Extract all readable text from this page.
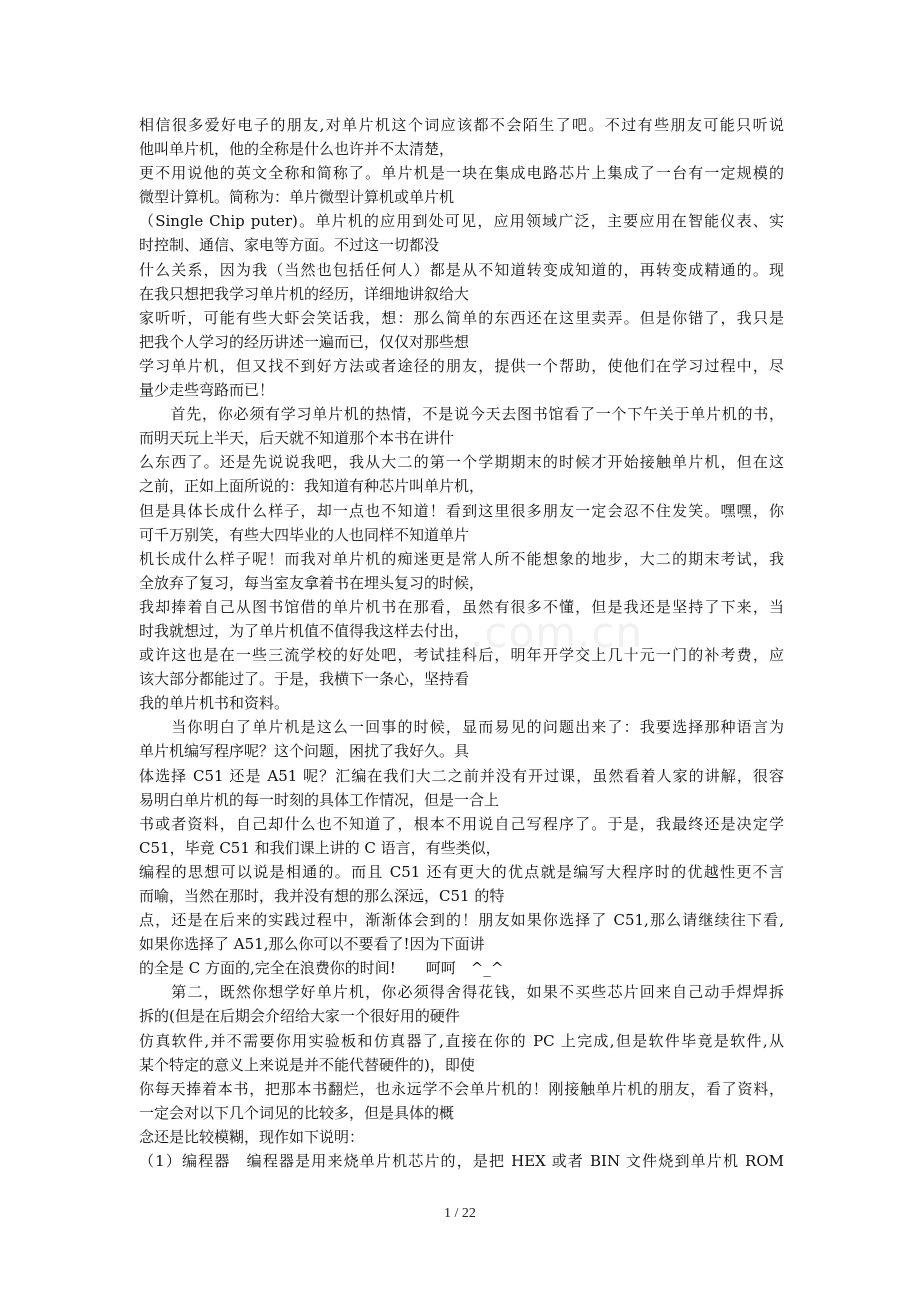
.com.cn
相信很多爱好电子的朋友,对单片机这个词应该都不会陌生了吧。不过有些朋友可能只听说
他叫单片机，他的全称是什么也许并不太清楚，
更不用说他的英文全称和简称了。单片机是一块在集成电路芯片上集成了一台有一定规模的
微型计算机。简称为：单片微型计算机或单片机
（Single Chip puter)。单片机的应用到处可见，应用领域广泛，主要应用在智能仪表、实
时控制、通信、家电等方面。不过这一切都没
什么关系，因为我（当然也包括任何人）都是从不知道转变成知道的，再转变成精通的。现
在我只想把我学习单片机的经历，详细地讲叙给大
家听听，可能有些大虾会笑话我，想：那么简单的东西还在这里卖弄。但是你错了，我只是
把我个人学习的经历讲述一遍而已，仅仅对那些想
学习单片机，但又找不到好方法或者途径的朋友，提供一个帮助，使他们在学习过程中，尽
量少走些弯路而已！
　　首先，你必须有学习单片机的热情，不是说今天去图书馆看了一个下午关于单片机的书，
而明天玩上半天，后天就不知道那个本书在讲什
么东西了。还是先说说我吧，我从大二的第一个学期期末的时候才开始接触单片机，但在这
之前，正如上面所说的：我知道有种芯片叫单片机，
但是具体长成什么样子，却一点也不知道！看到这里很多朋友一定会忍不住发笑。嘿嘿，你
可千万别笑，有些大四毕业的人也同样不知道单片
机长成什么样子呢！而我对单片机的痴迷更是常人所不能想象的地步，大二的期末考试，我
全放弃了复习，每当室友拿着书在埋头复习的时候，
我却捧着自己从图书馆借的单片机书在那看，虽然有很多不懂，但是我还是坚持了下来，当
时我就想过，为了单片机值不值得我这样去付出，
或许这也是在一些三流学校的好处吧，考试挂科后，明年开学交上几十元一门的补考费，应
该大部分都能过了。于是，我横下一条心，坚持看
我的单片机书和资料。
　　当你明白了单片机是这么一回事的时候，显而易见的问题出来了：我要选择那种语言为
单片机编写程序呢？这个问题，困扰了我好久。具
体选择 C51 还是 A51 呢？汇编在我们大二之前并没有开过课，虽然看着人家的讲解，很容
易明白单片机的每一时刻的具体工作情况，但是一合上
书或者资料，自己却什么也不知道了，根本不用说自己写程序了。于是，我最终还是决定学
C51，毕竟 C51 和我们课上讲的 C 语言，有些类似，
编程的思想可以说是相通的。而且 C51 还有更大的优点就是编写大程序时的优越性更不言
而喻，当然在那时，我并没有想的那么深远，C51 的特
点，还是在后来的实践过程中，渐渐体会到的！朋友如果你选择了 C51,那么请继续往下看,
如果你选择了 A51,那么你可以不要看了!因为下面讲
的全是 C 方面的,完全在浪费你的时间!　　呵呵　^_^
　　第二，既然你想学好单片机，你必须得舍得花钱，如果不买些芯片回来自己动手焊焊拆
拆的(但是在后期会介绍给大家一个很好用的硬件
仿真软件,并不需要你用实验板和仿真器了,直接在你的 PC 上完成,但是软件毕竟是软件,从
某个特定的意义上来说是并不能代替硬件的)，即使
你每天捧着本书，把那本书翻烂，也永远学不会单片机的！刚接触单片机的朋友，看了资料，
一定会对以下几个词见的比较多，但是具体的概
念还是比较模糊，现作如下说明：
（1）编程器　编程器是用来烧单片机芯片的，是把 HEX 或者 BIN 文件烧到单片机 ROM
1 / 22
